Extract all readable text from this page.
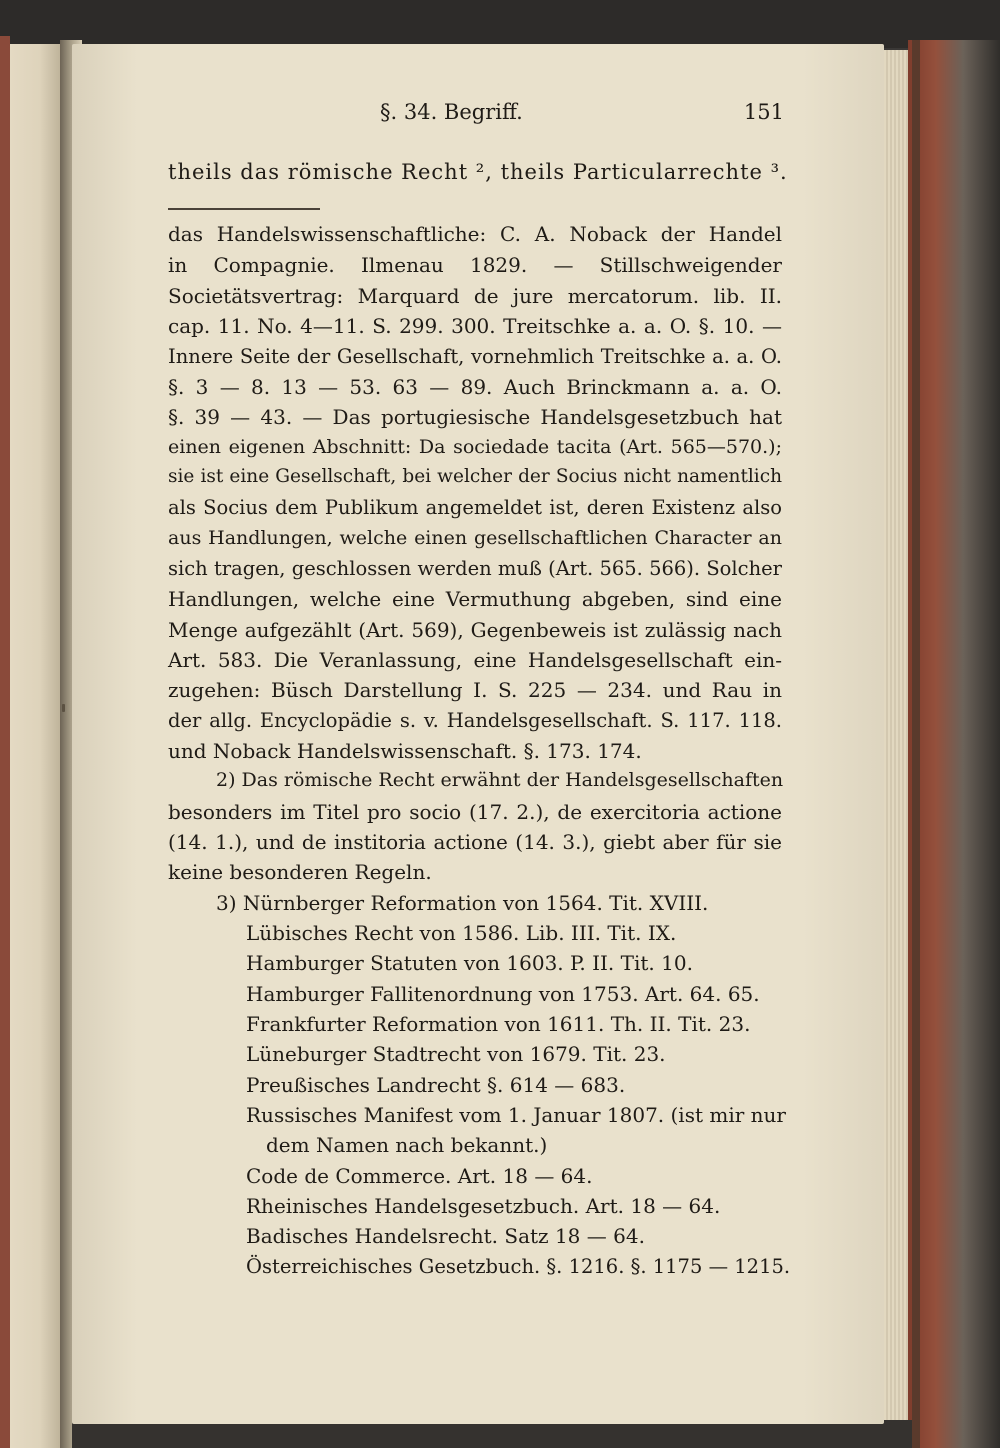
§. 34. Begriff.	151

theils das römische Recht ², theils Particularrechte ³.

das Handelswissenschaftliche: C. A. Noback der Handel

in Compagnie. Ilmenau 1829. — Stillschweigender

Societätsvertrag: Marquard de jure mercatorum. lib. II.

cap. 11. No. 4—11. S. 299. 300. Treitschke a. a. O. §. 10. —

Innere Seite der Gesellschaft, vornehmlich Treitschke a. a. O.

§. 3 — 8. 13 — 53. 63 — 89. Auch Brinckmann a. a. O.

§. 39 — 43. — Das portugiesische Handelsgesetzbuch hat

einen eigenen Abschnitt: Da sociedade tacita (Art. 565—570.);

sie ist eine Gesellschaft, bei welcher der Socius nicht namentlich

als Socius dem Publikum angemeldet ist, deren Existenz also

aus Handlungen, welche einen gesellschaftlichen Character an

sich tragen, geschlossen werden muß (Art. 565. 566). Solcher

Handlungen, welche eine Vermuthung abgeben, sind eine

Menge aufgezählt (Art. 569), Gegenbeweis ist zulässig nach

Art. 583. Die Veranlassung, eine Handelsgesellschaft ein-

zugehen: Büsch Darstellung I. S. 225 — 234. und Rau in

der allg. Encyclopädie s. v. Handelsgesellschaft. S. 117. 118.

und Noback Handelswissenschaft. §. 173. 174.

2) Das römische Recht erwähnt der Handelsgesellschaften

besonders im Titel pro socio (17. 2.), de exercitoria actione

(14. 1.), und de institoria actione (14. 3.), giebt aber für sie

keine besonderen Regeln.

3) Nürnberger Reformation von 1564. Tit. XVIII.

Lübisches Recht von 1586. Lib. III. Tit. IX.

Hamburger Statuten von 1603. P. II. Tit. 10.

Hamburger Fallitenordnung von 1753. Art. 64. 65.

Frankfurter Reformation von 1611. Th. II. Tit. 23.

Lüneburger Stadtrecht von 1679. Tit. 23.

Preußisches Landrecht §. 614 — 683.

Russisches Manifest vom 1. Januar 1807. (ist mir nur

dem Namen nach bekannt.)

Code de Commerce. Art. 18 — 64.

Rheinisches Handelsgesetzbuch. Art. 18 — 64.

Badisches Handelsrecht. Satz 18 — 64.

Österreichisches Gesetzbuch. §. 1216. §. 1175 — 1215.
